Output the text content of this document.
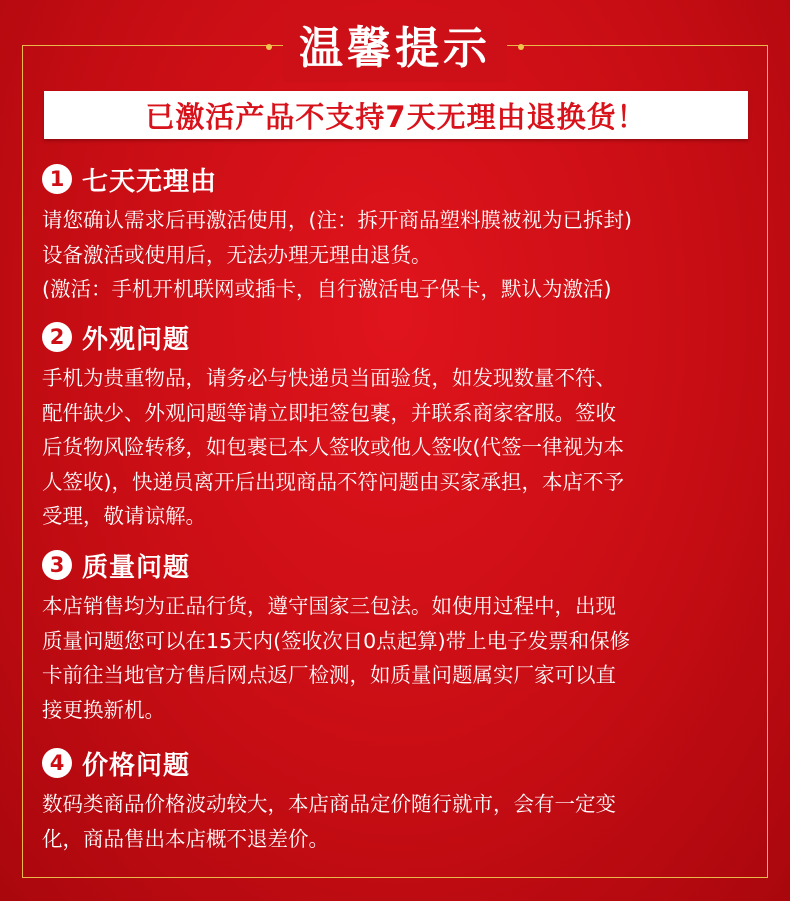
温馨提示
已激活产品不支持7天无理由退换货！
1 七天无理由
请您确认需求后再激活使用，(注：拆开商品塑料膜被视为已拆封)
设备激活或使用后，无法办理无理由退货。
(激活：手机开机联网或插卡，自行激活电子保卡，默认为激活)
2 外观问题
手机为贵重物品，请务必与快递员当面验货，如发现数量不符、
配件缺少、外观问题等请立即拒签包裹，并联系商家客服。签收
后货物风险转移，如包裹已本人签收或他人签收(代签一律视为本
人签收)，快递员离开后出现商品不符问题由买家承担，本店不予
受理，敬请谅解。
3 质量问题
本店销售均为正品行货，遵守国家三包法。如使用过程中，出现
质量问题您可以在15天内(签收次日0点起算)带上电子发票和保修
卡前往当地官方售后网点返厂检测，如质量问题属实厂家可以直
接更换新机。
4 价格问题
数码类商品价格波动较大，本店商品定价随行就市，会有一定变
化，商品售出本店概不退差价。
